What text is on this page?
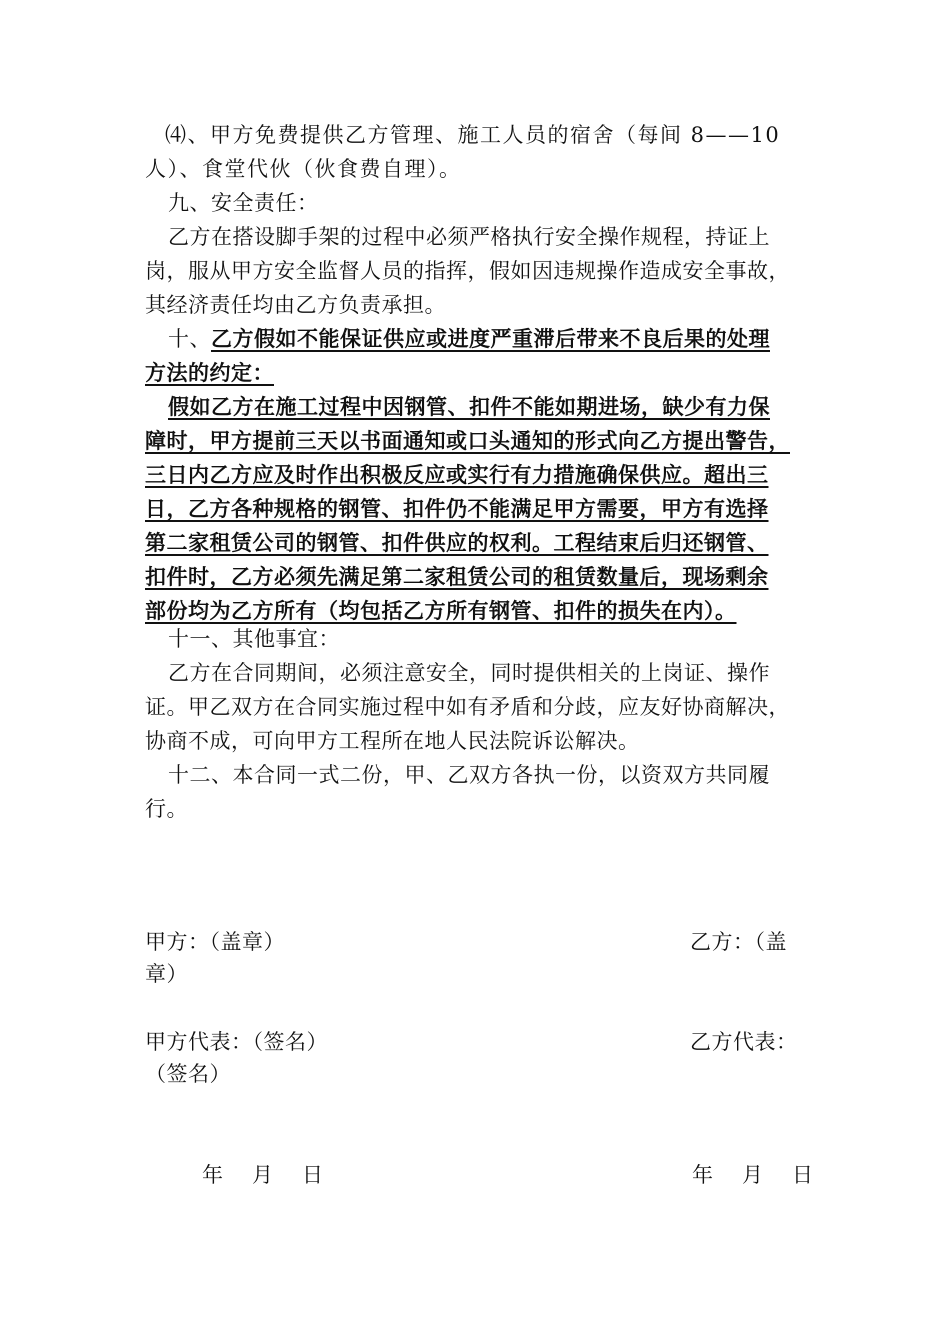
⑷、甲方免费提供乙方管理、施工人员的宿舍（每间 8——10
人）、食堂代伙（伙食费自理）。
九、安全责任：
乙方在搭设脚手架的过程中必须严格执行安全操作规程，持证上
岗，服从甲方安全监督人员的指挥，假如因违规操作造成安全事故，
其经济责任均由乙方负责承担。
十、乙方假如不能保证供应或进度严重滞后带来不良后果的处理
方法的约定：
假如乙方在施工过程中因钢管、扣件不能如期进场，缺少有力保
障时，甲方提前三天以书面通知或口头通知的形式向乙方提出警告，
三日内乙方应及时作出积极反应或实行有力措施确保供应。超出三
日，乙方各种规格的钢管、扣件仍不能满足甲方需要，甲方有选择
第二家租赁公司的钢管、扣件供应的权利。工程结束后归还钢管、
扣件时，乙方必须先满足第二家租赁公司的租赁数量后，现场剩余
部份均为乙方所有（均包括乙方所有钢管、扣件的损失在内）。
十一、其他事宜：
乙方在合同期间，必须注意安全，同时提供相关的上岗证、操作
证。甲乙双方在合同实施过程中如有矛盾和分歧，应友好协商解决，
协商不成，可向甲方工程所在地人民法院诉讼解决。
十二、本合同一式二份，甲、乙双方各执一份，以资双方共同履
行。
甲方：（盖章）	乙方：（盖
章）
甲方代表：（签名）	乙方代表：
（签名）
年　月　日	年　月　日
